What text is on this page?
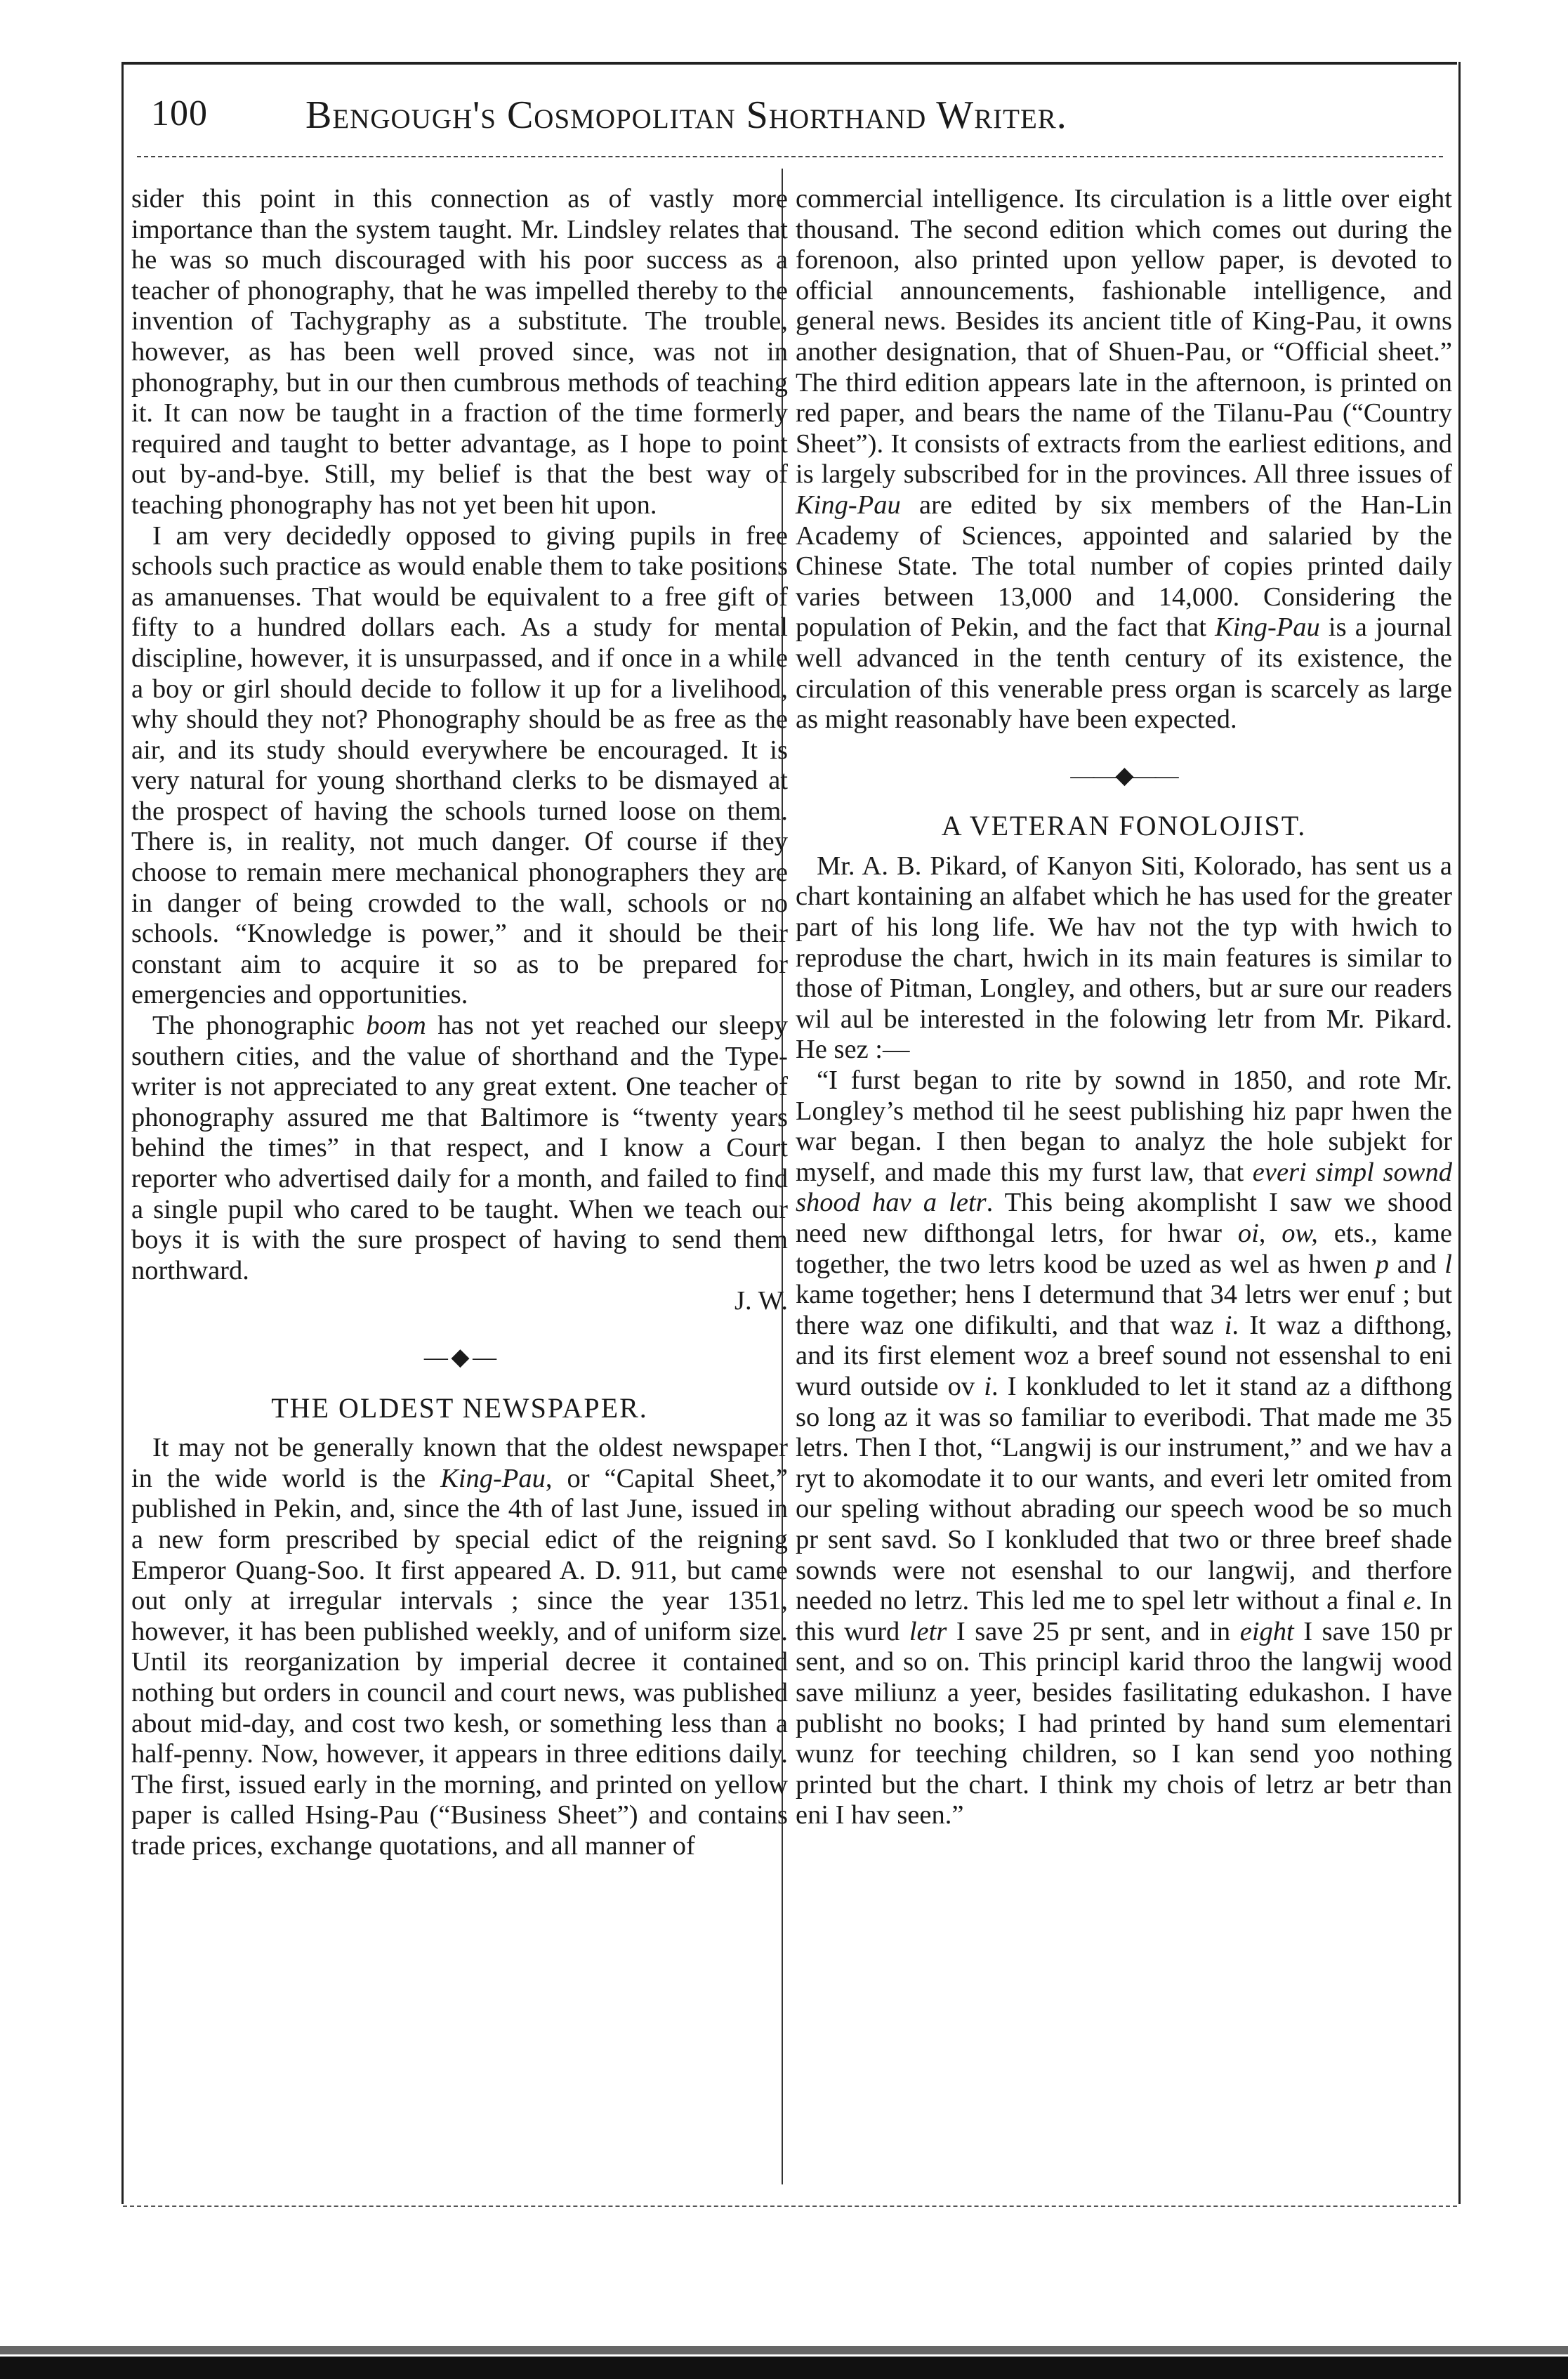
100 Bengough's Cosmopolitan Shorthand Writer.

sider this point in this connection as of vastly more importance than the system taught. Mr. Lindsley relates that he was so much discouraged with his poor success as a teacher of phonography, that he was impelled thereby to the invention of Tachygraphy as a substitute. The trouble, however, as has been well proved since, was not in phonography, but in our then cumbrous methods of teaching it. It can now be taught in a fraction of the time formerly required and taught to better advantage, as I hope to point out by-and-bye. Still, my belief is that the best way of teaching phonography has not yet been hit upon.

I am very decidedly opposed to giving pupils in free schools such practice as would enable them to take positions as amanuenses. That would be equivalent to a free gift of fifty to a hundred dollars each. As a study for mental discipline, however, it is unsurpassed, and if once in a while a boy or girl should decide to follow it up for a livelihood, why should they not? Phonography should be as free as the air, and its study should everywhere be encouraged. It is very natural for young shorthand clerks to be dismayed at the prospect of having the schools turned loose on them. There is, in reality, not much danger. Of course if they choose to remain mere mechanical phonographers they are in danger of being crowded to the wall, schools or no schools. “Knowledge is power,” and it should be their constant aim to acquire it so as to be prepared for emergencies and opportunities.

The phonographic boom has not yet reached our sleepy southern cities, and the value of shorthand and the Type-writer is not appreciated to any great extent. One teacher of phonography assured me that Baltimore is “twenty years behind the times” in that respect, and I know a Court reporter who advertised daily for a month, and failed to find a single pupil who cared to be taught. When we teach our boys it is with the sure prospect of having to send them northward.

J. W.

— ◆ —
THE OLDEST NEWSPAPER.

It may not be generally known that the oldest newspaper in the wide world is the King-Pau, or “Capital Sheet,” published in Pekin, and, since the 4th of last June, issued in a new form prescribed by special edict of the reigning Emperor Quang-Soo. It first appeared A. D. 911, but came out only at irregular intervals ; since the year 1351, however, it has been published weekly, and of uniform size. Until its reorganization by imperial decree it contained nothing but orders in council and court news, was published about mid-day, and cost two kesh, or something less than a half-penny. Now, however, it appears in three editions daily. The first, issued early in the morning, and printed on yellow paper is called Hsing-Pau (“Business Sheet”) and contains trade prices, exchange quotations, and all manner of

commercial intelligence. Its circulation is a little over eight thousand. The second edition which comes out during the forenoon, also printed upon yellow paper, is devoted to official announcements, fashionable intelligence, and general news. Besides its ancient title of King-Pau, it owns another designation, that of Shuen-Pau, or “Official sheet.” The third edition appears late in the afternoon, is printed on red paper, and bears the name of the Tilanu-Pau (“Country Sheet”). It consists of extracts from the earliest editions, and is largely subscribed for in the provinces. All three issues of King-Pau are edited by six members of the Han-Lin Academy of Sciences, appointed and salaried by the Chinese State. The total number of copies printed daily varies between 13,000 and 14,000. Considering the population of Pekin, and the fact that King-Pau is a journal well advanced in the tenth century of its existence, the circulation of this venerable press organ is scarcely as large as might reasonably have been expected.

——◆——
A VETERAN FONOLOJIST.

Mr. A. B. Pikard, of Kanyon Siti, Kolorado, has sent us a chart kontaining an alfabet which he has used for the greater part of his long life. We hav not the typ with hwich to reproduse the chart, hwich in its main features is similar to those of Pitman, Longley, and others, but ar sure our readers wil aul be interested in the folowing letr from Mr. Pikard. He sez :—

“I furst began to rite by sownd in 1850, and rote Mr. Longley’s method til he seest publishing hiz papr hwen the war began. I then began to analyz the hole subjekt for myself, and made this my furst law, that everi simpl sownd shood hav a letr. This being akomplisht I saw we shood need new difthongal letrs, for hwar oi, ow, ets., kame together, the two letrs kood be uzed as wel as hwen p and l kame together; hens I determund that 34 letrs wer enuf ; but there waz one difikulti, and that waz i. It waz a difthong, and its first element woz a breef sound not essenshal to eni wurd outside ov i. I konkluded to let it stand az a difthong so long az it was so familiar to everibodi. That made me 35 letrs. Then I thot, “Langwij is our instrument,” and we hav a ryt to akomodate it to our wants, and everi letr omited from our speling without abrading our speech wood be so much pr sent savd. So I konkluded that two or three breef shade sownds were not esenshal to our langwij, and therfore needed no letrz. This led me to spel letr without a final e. In this wurd letr I save 25 pr sent, and in eight I save 150 pr sent, and so on. This principl karid throo the langwij wood save miliunz a yeer, besides fasilitating edukashon. I have publisht no books; I had printed by hand sum elementari wunz for teeching children, so I kan send yoo nothing printed but the chart. I think my chois of letrz ar betr than eni I hav seen.”
